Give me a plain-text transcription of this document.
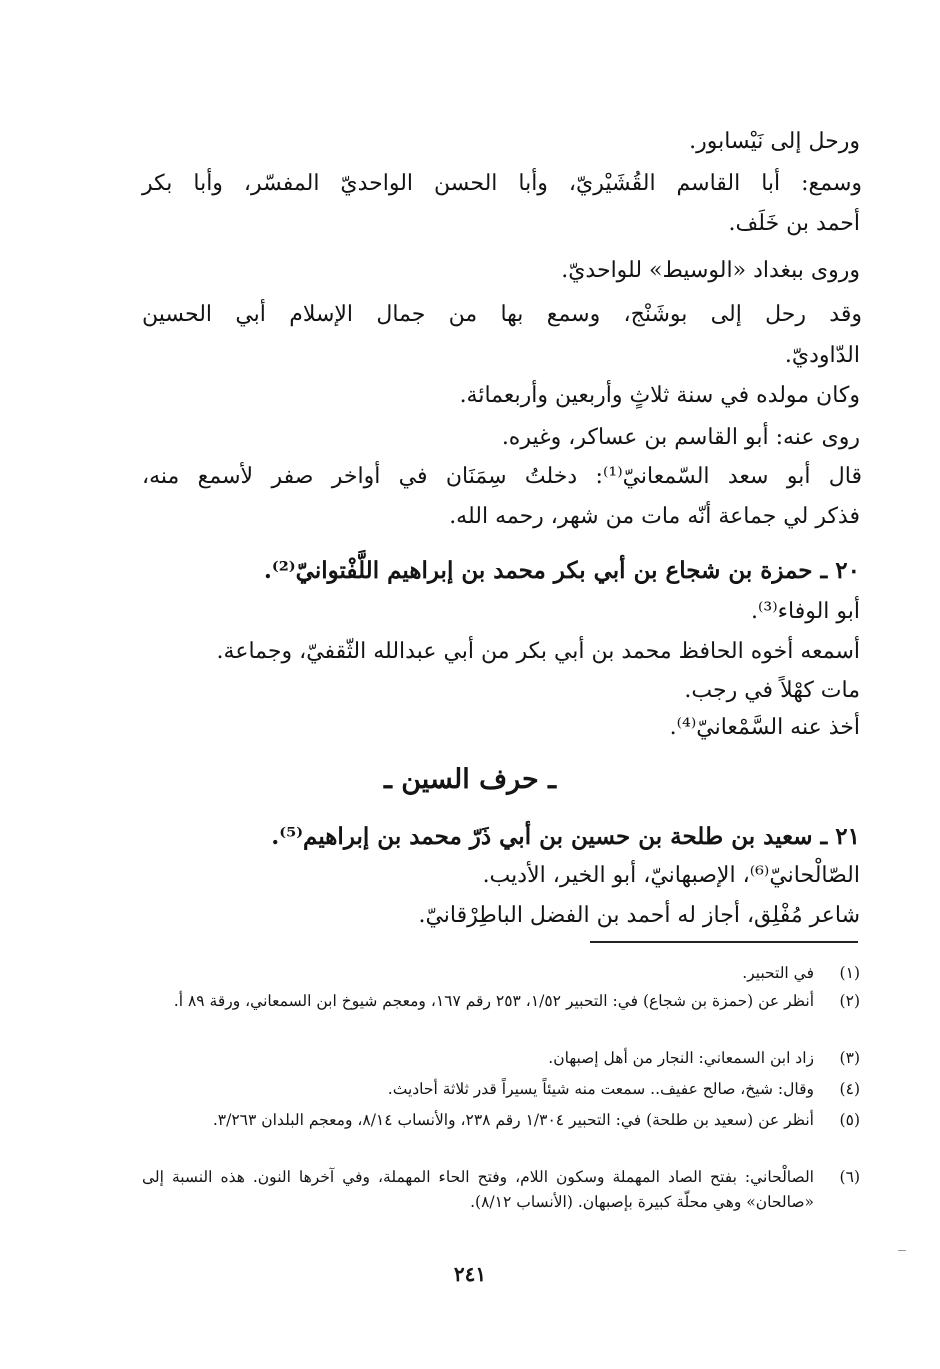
ورحل إلى نَيْسابور.
وسمع: أبا القاسم القُشَيْريّ، وأبا الحسن الواحديّ المفسّر، وأبا بكر
أحمد بن خَلَف.
وروى ببغداد «الوسيط» للواحديّ.
وقد رحل إلى بوشَنْج، وسمع بها من جمال الإسلام أبي الحسين
الدّاوديّ.
وكان مولده في سنة ثلاثٍ وأربعين وأربعمائة.
روى عنه: أبو القاسم بن عساكر، وغيره.
قال أبو سعد السّمعانيّ⁽¹⁾: دخلتُ سِمَنَان في أواخر صفر لأسمع منه،
فذكر لي جماعة أنّه مات من شهر، رحمه الله.
٢٠ ـ حمزة بن شجاع بن أبي بكر محمد بن إبراهيم اللَّفْتوانيّ⁽²⁾.
أبو الوفاء⁽³⁾.
أسمعه أخوه الحافظ محمد بن أبي بكر من أبي عبدالله الثّقفيّ، وجماعة.
مات كهْلاً في رجب.
أخذ عنه السَّمْعانيّ⁽⁴⁾.
ـ حرف السين ـ
٢١ ـ سعيد بن طلحة بن حسين بن أبي ذَرّ محمد بن إبراهيم⁽⁵⁾.
الصّالْحانيّ⁽⁶⁾، الإصبهانيّ، أبو الخير، الأديب.
شاعر مُفْلِق، أجاز له أحمد بن الفضل الباطِرْقانيّ.
(١)
في التحبير.
(٢)
أنظر عن (حمزة بن شجاع) في: التحبير ١/٥٢، ٢٥٣ رقم ١٦٧، ومعجم شيوخ ابن السمعاني، ورقة ٨٩ أ.
(٣)
زاد ابن السمعاني: النجار من أهل إصبهان.
(٤)
وقال: شيخ، صالح عفيف.. سمعت منه شيئاً يسيراً قدر ثلاثة أحاديث.
(٥)
أنظر عن (سعيد بن طلحة) في: التحبير ١/٣٠٤ رقم ٢٣٨، والأنساب ٨/١٤، ومعجم البلدان ٣/٢٦٣.
(٦)
الصالْحاني: بفتح الصاد المهملة وسكون اللام، وفتح الحاء المهملة، وفي آخرها النون. هذه النسبة إلى «صالحان» وهي محلّة كبيرة بإصبهان. (الأنساب ٨/١٢).
٢٤١
